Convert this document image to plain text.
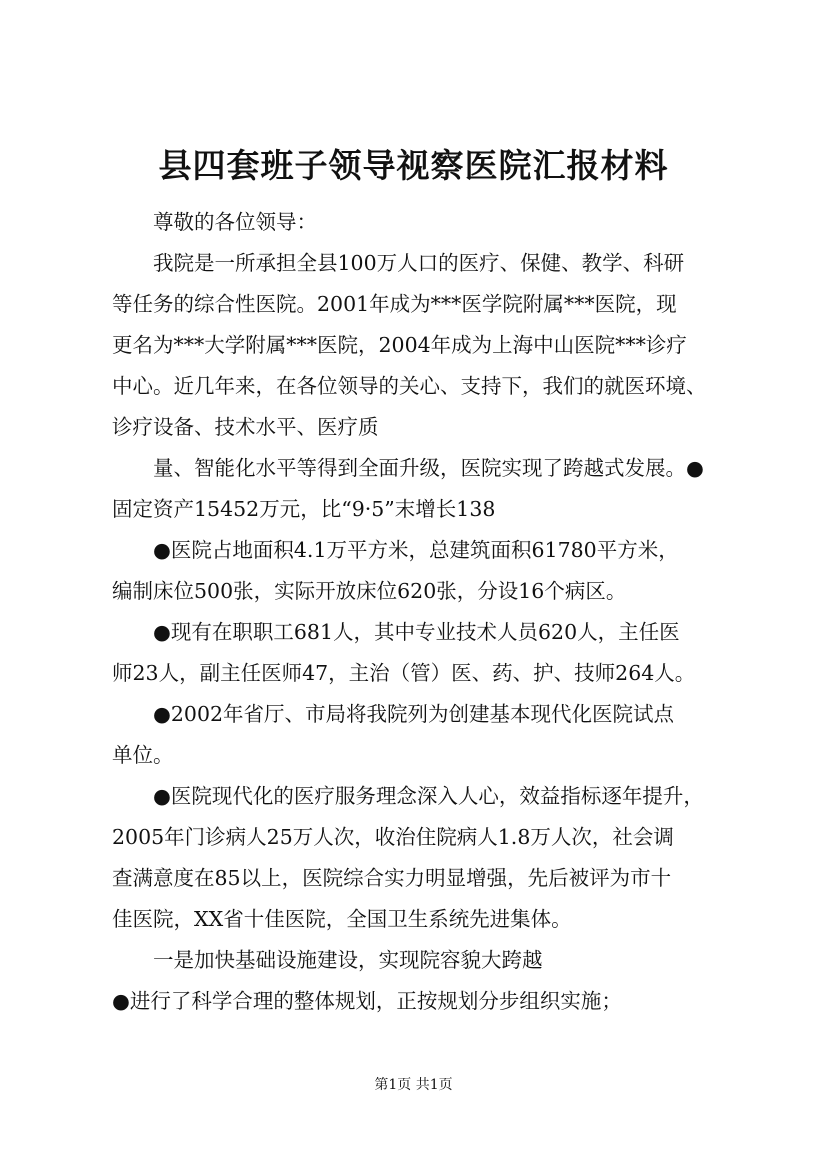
县四套班子领导视察医院汇报材料
尊敬的各位领导：
我院是一所承担全县100万人口的医疗、保健、教学、科研
等任务的综合性医院。2001年成为***医学院附属***医院，现
更名为***大学附属***医院，2004年成为上海中山医院***诊疗
中心。近几年来，在各位领导的关心、支持下，我们的就医环境、
诊疗设备、技术水平、医疗质
量、智能化水平等得到全面升级，医院实现了跨越式发展。●
固定资产15452万元，比“9·5”末增长138
●医院占地面积4.1万平方米，总建筑面积61780平方米，
编制床位500张，实际开放床位620张，分设16个病区。
●现有在职职工681人，其中专业技术人员620人，主任医
师23人，副主任医师47，主治（管）医、药、护、技师264人。
●2002年省厅、市局将我院列为创建基本现代化医院试点
单位。
●医院现代化的医疗服务理念深入人心，效益指标逐年提升，
2005年门诊病人25万人次，收治住院病人1.8万人次，社会调
查满意度在85以上，医院综合实力明显增强，先后被评为市十
佳医院，XX省十佳医院，全国卫生系统先进集体。
一是加快基础设施建设，实现院容貌大跨越
●进行了科学合理的整体规划，正按规划分步组织实施；
第1页 共1页
